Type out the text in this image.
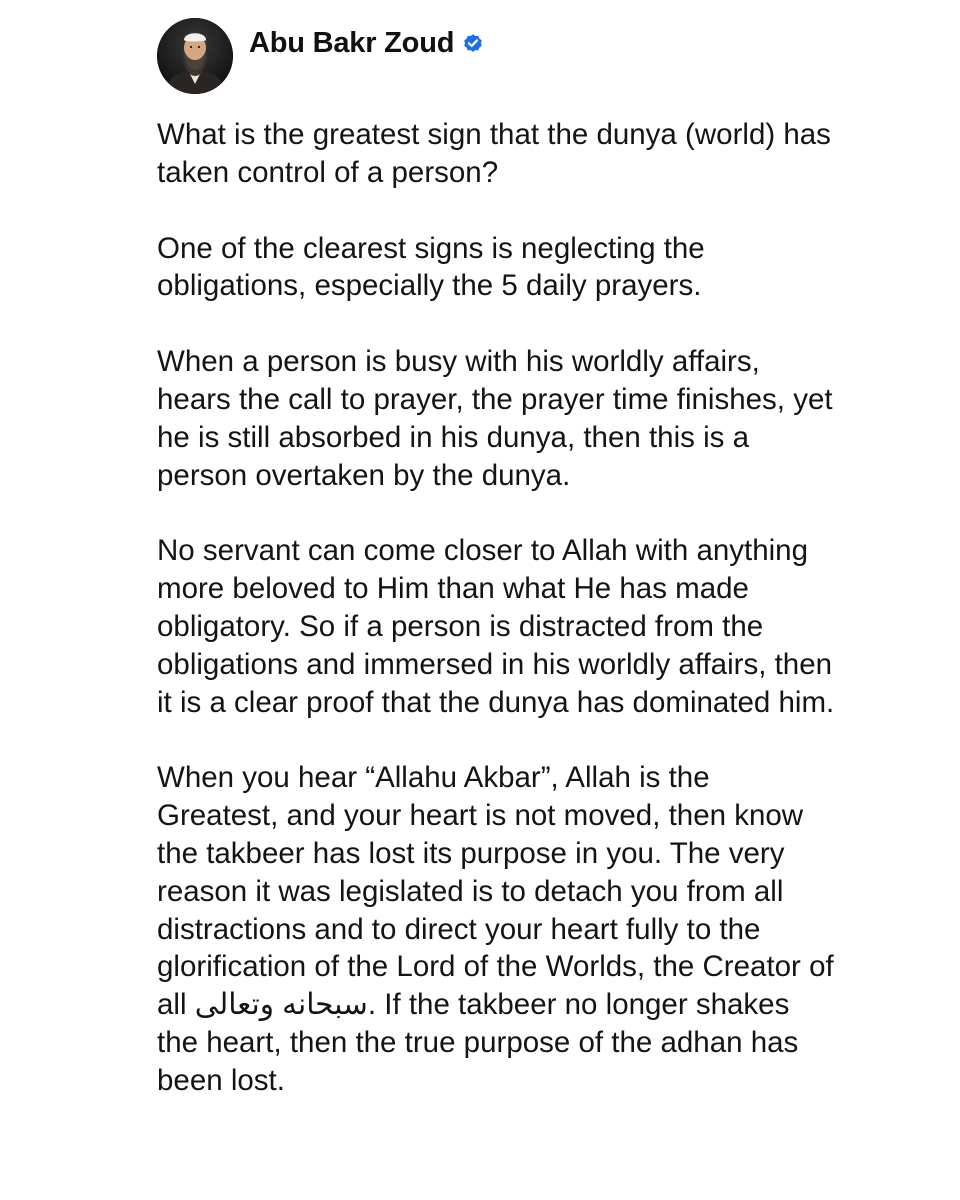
Abu Bakr Zoud

What is the greatest sign that the dunya (world) has taken control of a person?

One of the clearest signs is neglecting the obligations, especially the 5 daily prayers.

When a person is busy with his worldly affairs, hears the call to prayer, the prayer time finishes, yet he is still absorbed in his dunya, then this is a person overtaken by the dunya.

No servant can come closer to Allah with anything more beloved to Him than what He has made obligatory. So if a person is distracted from the obligations and immersed in his worldly affairs, then it is a clear proof that the dunya has dominated him.

When you hear “Allahu Akbar”, Allah is the Greatest, and your heart is not moved, then know the takbeer has lost its purpose in you. The very reason it was legislated is to detach you from all distractions and to direct your heart fully to the glorification of the Lord of the Worlds, the Creator of all سبحانه وتعالى. If the takbeer no longer shakes the heart, then the true purpose of the adhan has been lost.
